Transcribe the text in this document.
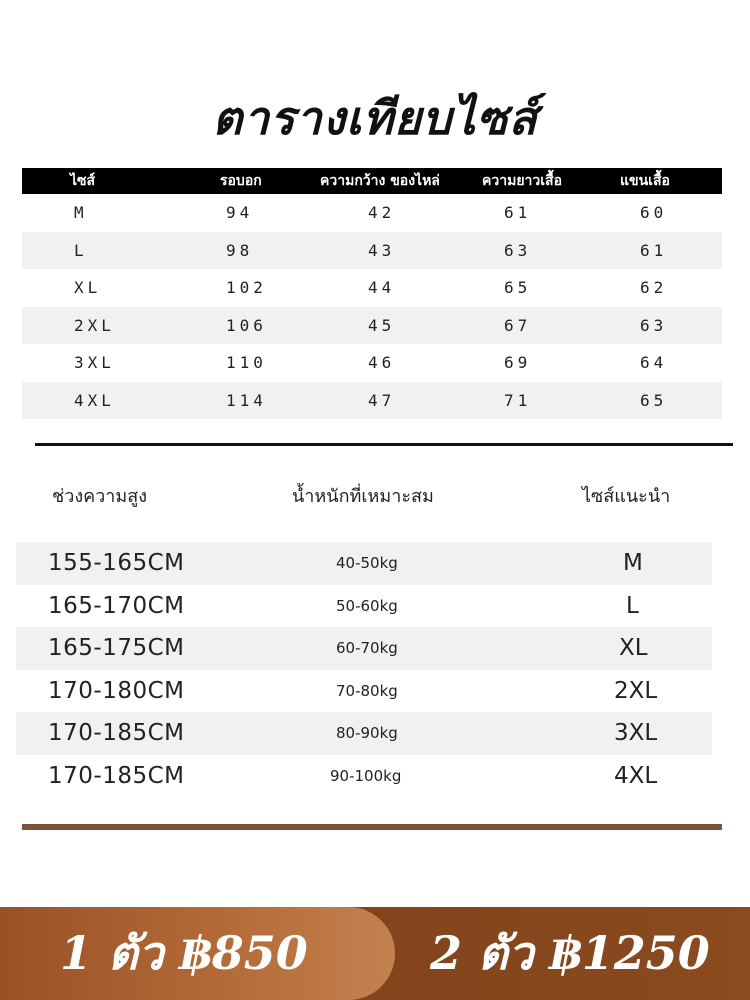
ตารางเทียบไซส์
ไซส์	รอบอก	ความกว้าง ของไหล่	ความยาวเสื้อ	แขนเสื้อ
M	94	42	61	60
L	98	43	63	61
XL	102	44	65	62
2XL	106	45	67	63
3XL	110	46	69	64
4XL	114	47	71	65
ช่วงความสูง	น้ำหนักที่เหมาะสม	ไซส์แนะนำ
155-165CM	40-50kg	M
165-170CM	50-60kg	L
165-175CM	60-70kg	XL
170-180CM	70-80kg	2XL
170-185CM	80-90kg	3XL
170-185CM	90-100kg	4XL
1 ตัว ฿850	2 ตัว ฿1250
